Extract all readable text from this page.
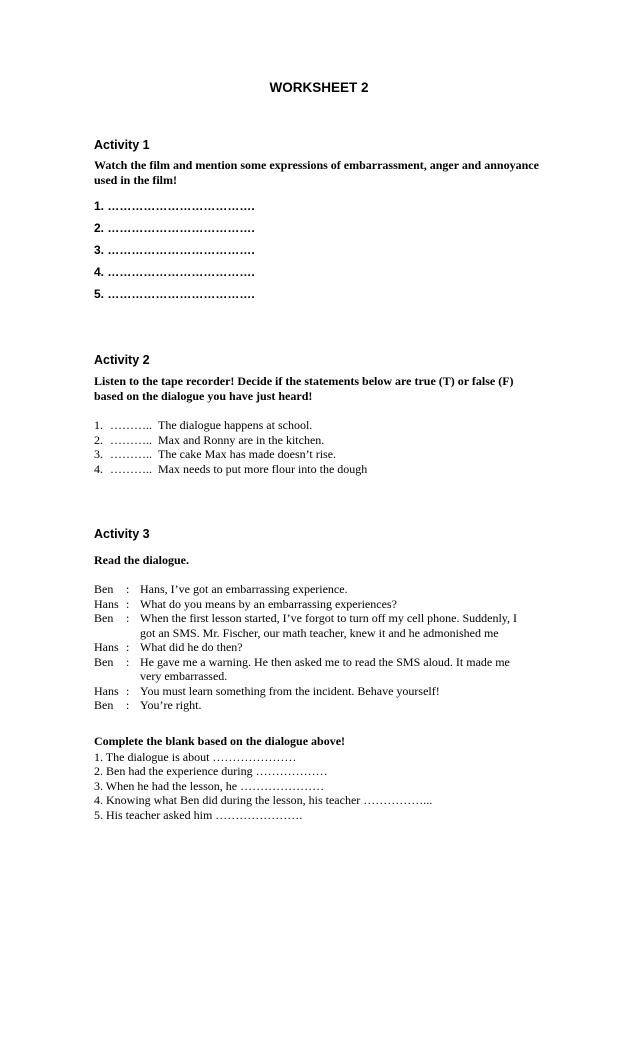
WORKSHEET 2
Activity 1
Watch the film and mention some expressions of embarrassment, anger and annoyance used in the film!
1. ……………………………….
2. ……………………………….
3. ……………………………….
4. ……………………………….
5. ……………………………….
Activity 2
Listen to the tape recorder! Decide if the statements below are true (T) or false (F) based on the dialogue you have just heard!
1. ……….. The dialogue happens at school.
2. ……….. Max and Ronny are in the kitchen.
3. ……….. The cake Max has made doesn’t rise.
4. ……….. Max needs to put more flour into the dough
Activity 3
Read the dialogue.
Ben	: Hans, I’ve got an embarrassing experience.
Hans : What do you means by an embarrassing experiences?
Ben	: When the first lesson started, I’ve forgot to turn off my cell phone. Suddenly, I got an SMS. Mr. Fischer, our math teacher, knew it and he admonished me
Hans : What did he do then?
Ben	: He gave me a warning. He then asked me to read the SMS aloud. It made me very embarrassed.
Hans : You must learn something from the incident. Behave yourself!
Ben	: You’re right.
Complete the blank based on the dialogue above!
1. The dialogue is about …………………
2. Ben had the experience during ………………
3. When he had the lesson, he …………………
4. Knowing what Ben did during the lesson, his teacher ……………...
5. His teacher asked him ………………….
